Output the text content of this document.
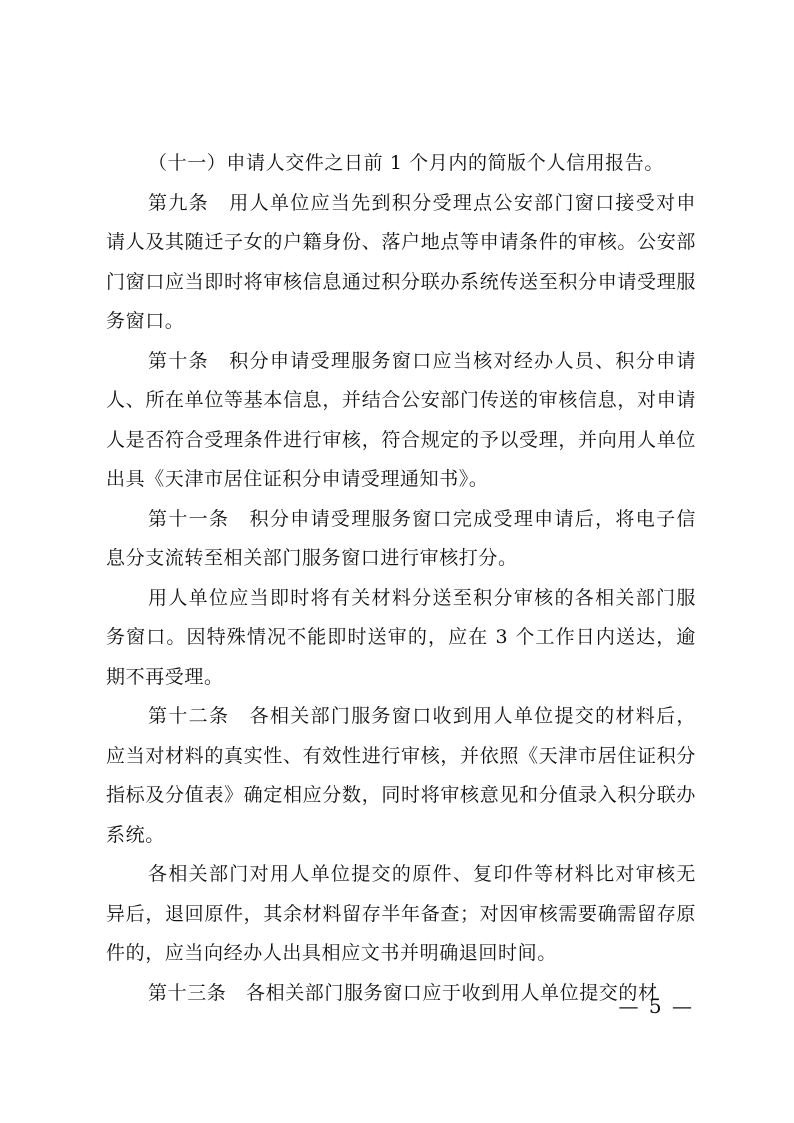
（十一）申请人交件之日前 1 个月内的简版个人信用报告。

第九条　用人单位应当先到积分受理点公安部门窗口接受对申请人及其随迁子女的户籍身份、落户地点等申请条件的审核。公安部门窗口应当即时将审核信息通过积分联办系统传送至积分申请受理服务窗口。

第十条　积分申请受理服务窗口应当核对经办人员、积分申请人、所在单位等基本信息，并结合公安部门传送的审核信息，对申请人是否符合受理条件进行审核，符合规定的予以受理，并向用人单位出具《天津市居住证积分申请受理通知书》。

第十一条　积分申请受理服务窗口完成受理申请后，将电子信息分支流转至相关部门服务窗口进行审核打分。

用人单位应当即时将有关材料分送至积分审核的各相关部门服务窗口。因特殊情况不能即时送审的，应在 3 个工作日内送达，逾期不再受理。

第十二条　各相关部门服务窗口收到用人单位提交的材料后，应当对材料的真实性、有效性进行审核，并依照《天津市居住证积分指标及分值表》确定相应分数，同时将审核意见和分值录入积分联办系统。

各相关部门对用人单位提交的原件、复印件等材料比对审核无异后，退回原件，其余材料留存半年备查；对因审核需要确需留存原件的，应当向经办人出具相应文书并明确退回时间。

第十三条　各相关部门服务窗口应于收到用人单位提交的材

— 5 —
